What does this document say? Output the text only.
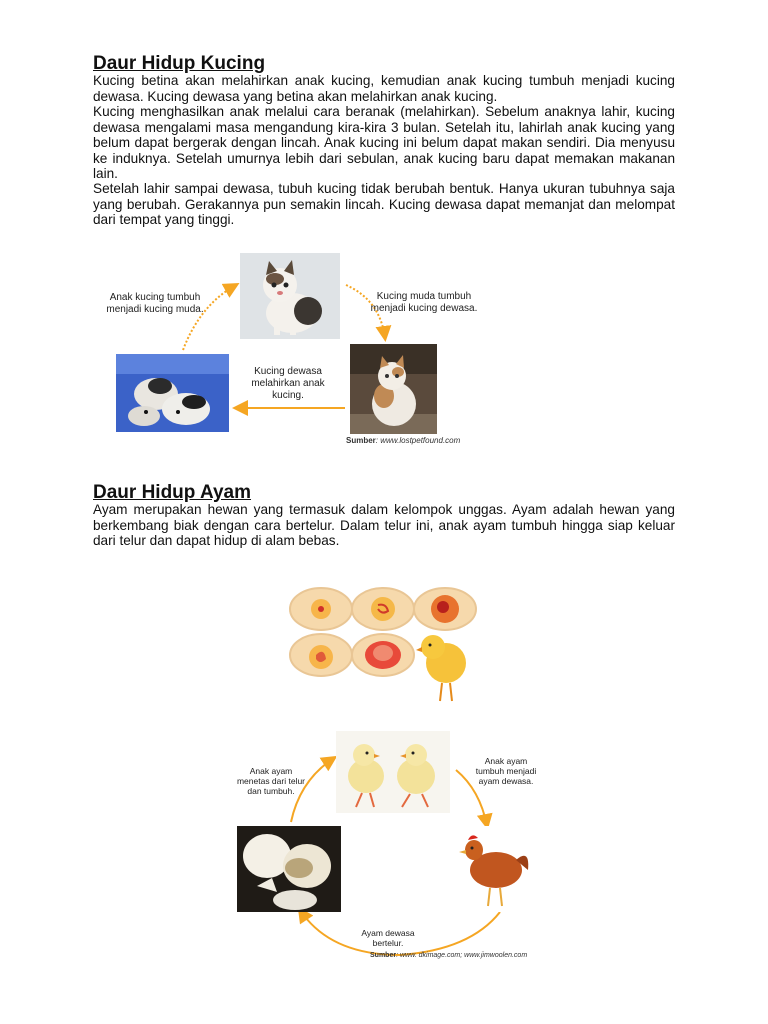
Daur Hidup Kucing

Kucing betina akan melahirkan anak kucing, kemudian anak kucing tumbuh menjadi kucing dewasa. Kucing dewasa yang betina akan melahirkan anak kucing.

Kucing menghasilkan anak melalui cara beranak (melahirkan). Sebelum anaknya lahir, kucing dewasa mengalami masa mengandung kira-kira 3 bulan. Setelah itu, lahirlah anak kucing yang belum dapat bergerak dengan lincah. Anak kucing ini belum dapat makan sendiri. Dia menyusu ke induknya. Setelah umurnya lebih dari sebulan, anak kucing baru dapat memakan makanan lain.

Setelah lahir sampai dewasa, tubuh kucing tidak berubah bentuk. Hanya ukuran tubuhnya saja yang berubah. Gerakannya pun semakin lincah. Kucing dewasa dapat memanjat dan melompat dari tempat yang tinggi.

Anak kucing tumbuh menjadi kucing muda.
Kucing muda tumbuh menjadi kucing dewasa.
Kucing dewasa melahirkan anak kucing.
Sumber: www.lostpetfound.com
Daur Hidup Ayam

Ayam merupakan hewan yang termasuk dalam kelompok unggas. Ayam adalah hewan yang berkembang biak dengan cara bertelur. Dalam telur ini, anak ayam tumbuh hingga siap keluar dari telur dan dapat hidup di alam bebas.

Anak ayam menetas dari telur dan tumbuh.
Anak ayam tumbuh menjadi ayam dewasa.
Ayam dewasa bertelur.
Sumber: www. dkimage.com; www.jimwoolen.com
